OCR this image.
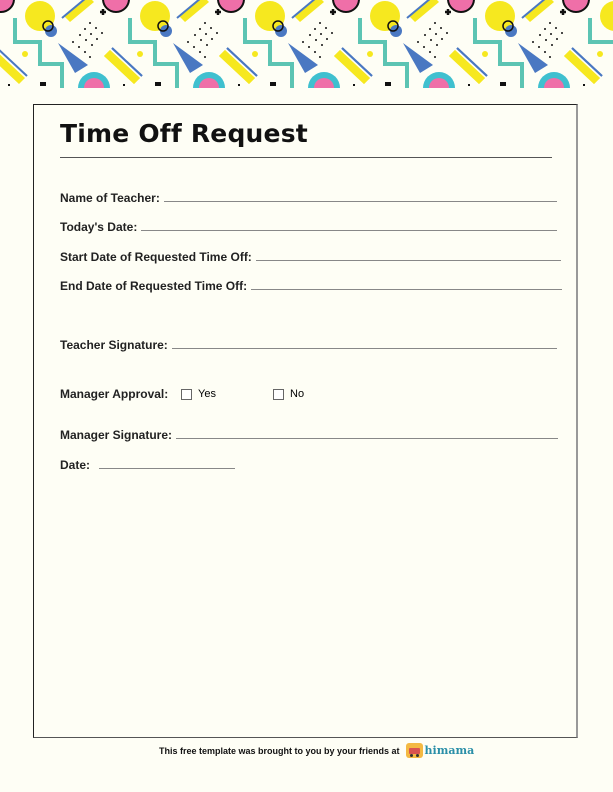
Time Off Request
Name of Teacher:
Today's Date:
Start Date of Requested Time Off:
End Date of Requested Time Off:
Teacher Signature:
Manager Approval:	Yes	No
Manager Signature:
Date:
This free template was brought to you by your friends at himama
